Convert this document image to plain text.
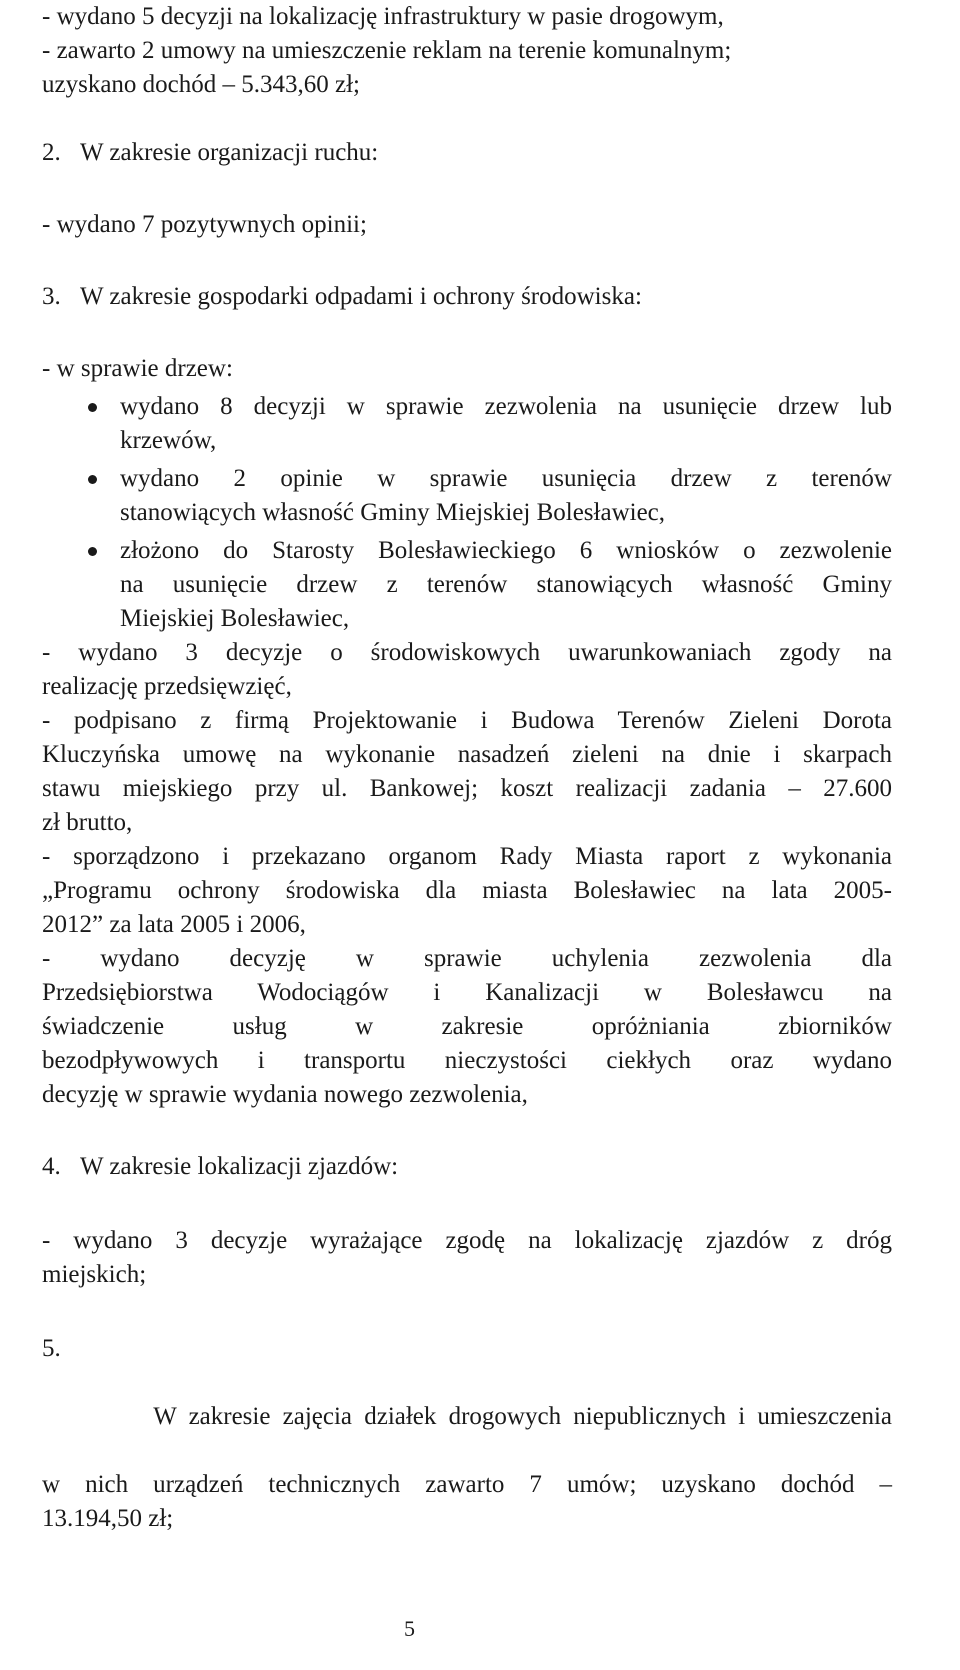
- wydano 5 decyzji na lokalizację infrastruktury w pasie drogowym,
- zawarto 2 umowy na umieszczenie reklam na terenie komunalnym;
uzyskano dochód – 5.343,60 zł;
2. W zakresie organizacji ruchu:
- wydano 7 pozytywnych opinii;
3. W zakresie gospodarki odpadami i ochrony środowiska:
- w sprawie drzew:
wydano 8 decyzji w sprawie zezwolenia na usunięcie drzew lub
krzewów,
wydano 2 opinie w sprawie usunięcia drzew z terenów
stanowiących własność Gminy Miejskiej Bolesławiec,
złożono do Starosty Bolesławieckiego 6 wniosków o zezwolenie
na usunięcie drzew z terenów stanowiących własność Gminy
Miejskiej Bolesławiec,
- wydano 3 decyzje o środowiskowych uwarunkowaniach zgody na
realizację przedsięwzięć,
- podpisano z firmą Projektowanie i Budowa Terenów Zieleni Dorota
Kluczyńska umowę na wykonanie nasadzeń zieleni na dnie i skarpach
stawu miejskiego przy ul. Bankowej; koszt realizacji zadania – 27.600
zł brutto,
- sporządzono i przekazano organom Rady Miasta raport z wykonania
„Programu ochrony środowiska dla miasta Bolesławiec na lata 2005-
2012” za lata 2005 i 2006,
- wydano decyzję w sprawie uchylenia zezwolenia dla
Przedsiębiorstwa Wodociągów i Kanalizacji w Bolesławcu na
świadczenie usług w zakresie opróżniania zbiorników
bezodpływowych i transportu nieczystości ciekłych oraz wydano
decyzję w sprawie wydania nowego zezwolenia,
4. W zakresie lokalizacji zjazdów:
- wydano 3 decyzje wyrażające zgodę na lokalizację zjazdów z dróg
miejskich;

5.

W zakresie zajęcia działek drogowych niepublicznych i umieszczenia

w nich urządzeń technicznych zawarto 7 umów; uzyskano dochód –
13.194,50 zł;
5
